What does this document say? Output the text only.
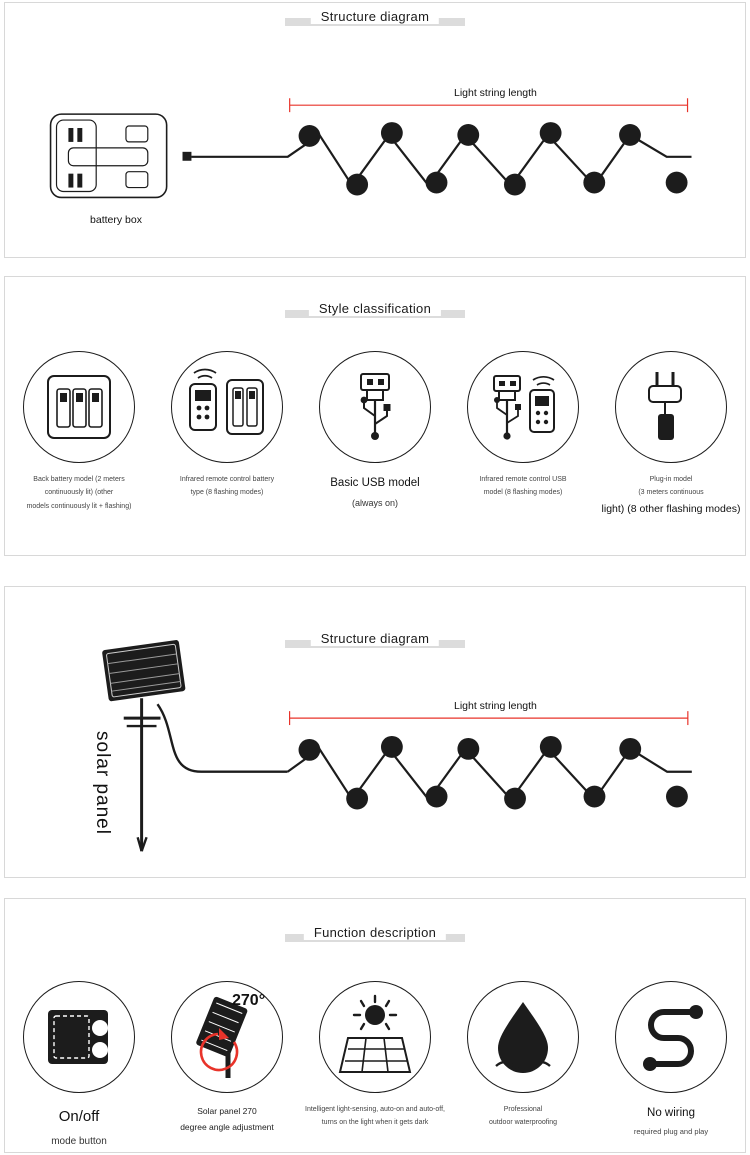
Structure diagram
Light string length
battery box
Style classification
Back battery model (2 meters
continuously lit) (other
models continuously lit + flashing)
Infrared remote control battery
type (8 flashing modes)
Basic USB model
(always on)
Infrared remote control USB
model (8 flashing modes)
Plug-in model
(3 meters continuous
light) (8 other flashing modes)
Structure diagram
Light string length
solar panel
Function description
On/off
mode button
Solar panel 270
degree angle adjustment
Intelligent light-sensing, auto-on and auto-off,
turns on the light when it gets dark
Professional
outdoor waterproofing
No wiring
required plug and play
270°
